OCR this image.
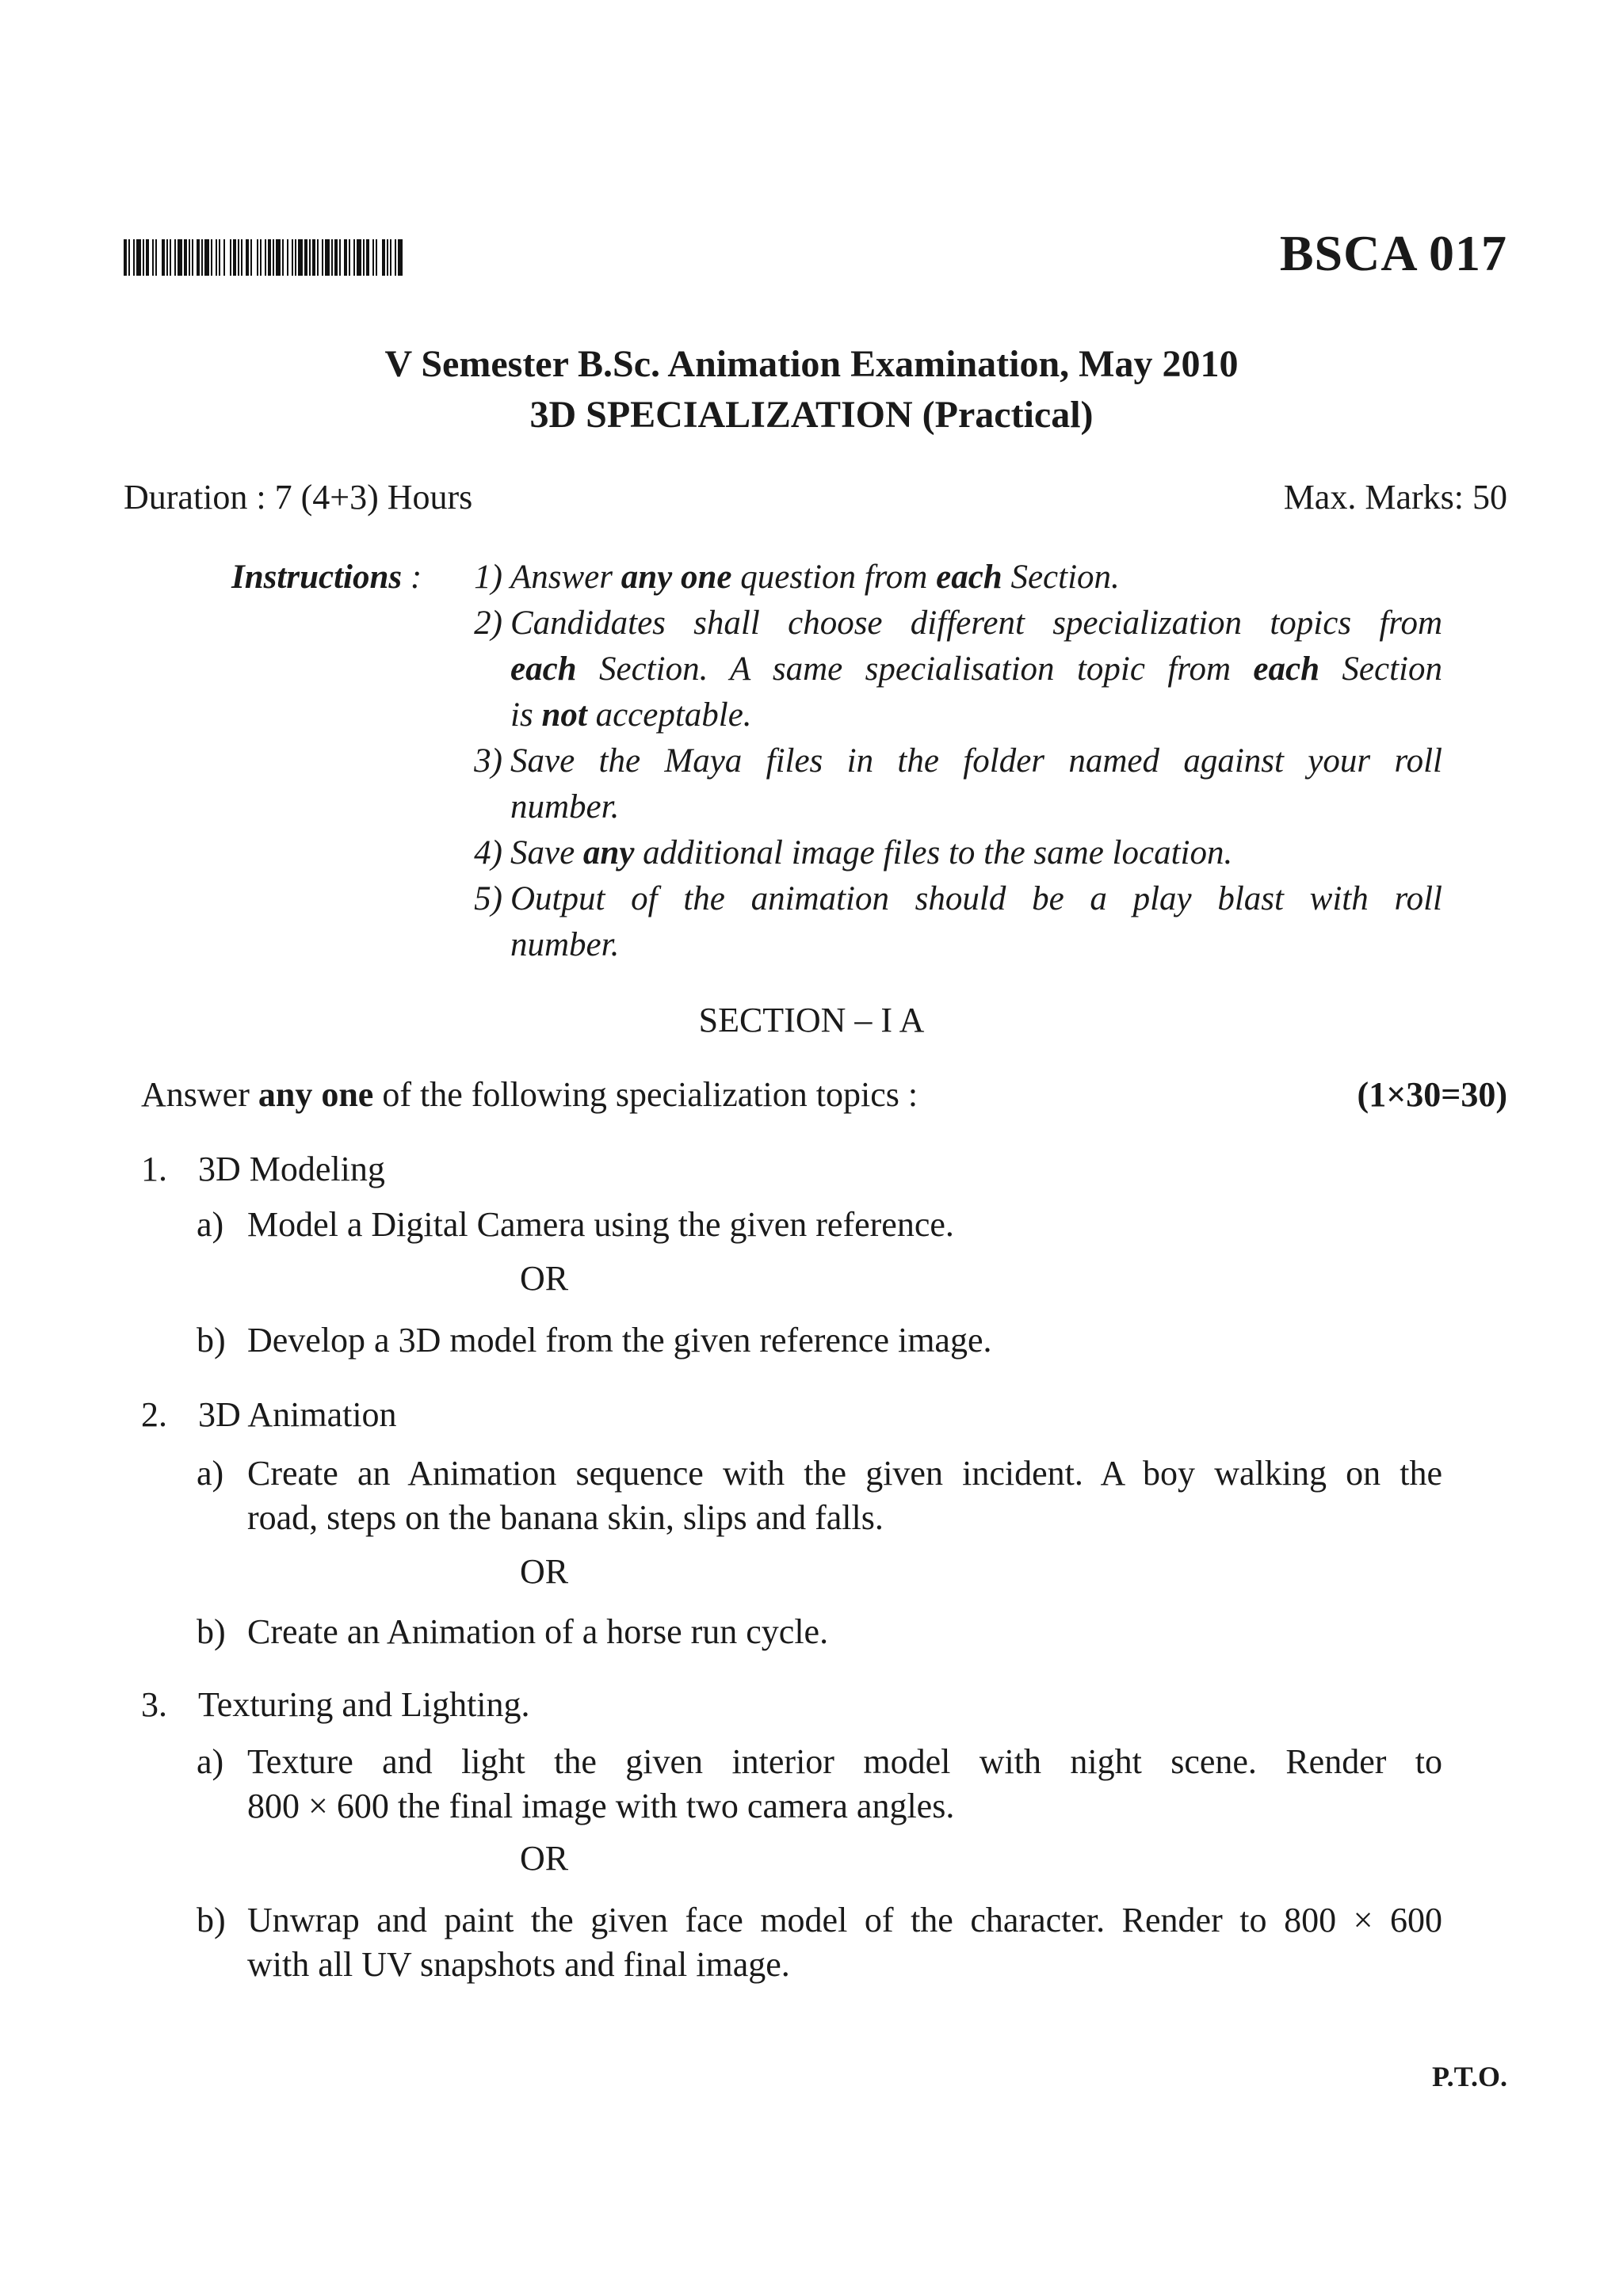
BSCA 017
V Semester B.Sc. Animation Examination, May 2010
3D SPECIALIZATION (Practical)
Duration : 7 (4+3) Hours	Max. Marks: 50
Instructions :	1) Answer any one question from each Section.
2) Candidates shall choose different specialization topics from
each Section. A same specialisation topic from each Section
is not acceptable.
3) Save the Maya files in the folder named against your roll
number.
4) Save any additional image files to the same location.
5) Output of the animation should be a play blast with roll
number.
SECTION – I A
Answer any one of the following specialization topics :	(1×30=30)
1. 3D Modeling
a) Model a Digital Camera using the given reference.
OR
b) Develop a 3D model from the given reference image.
2. 3D Animation
a) Create an Animation sequence with the given incident. A boy walking on the
road, steps on the banana skin, slips and falls.
OR
b) Create an Animation of a horse run cycle.
3. Texturing and Lighting.
a) Texture and light the given interior model with night scene. Render to
800 × 600 the final image with two camera angles.
OR
b) Unwrap and paint the given face model of the character. Render to 800 × 600
with all UV snapshots and final image.
P.T.O.
